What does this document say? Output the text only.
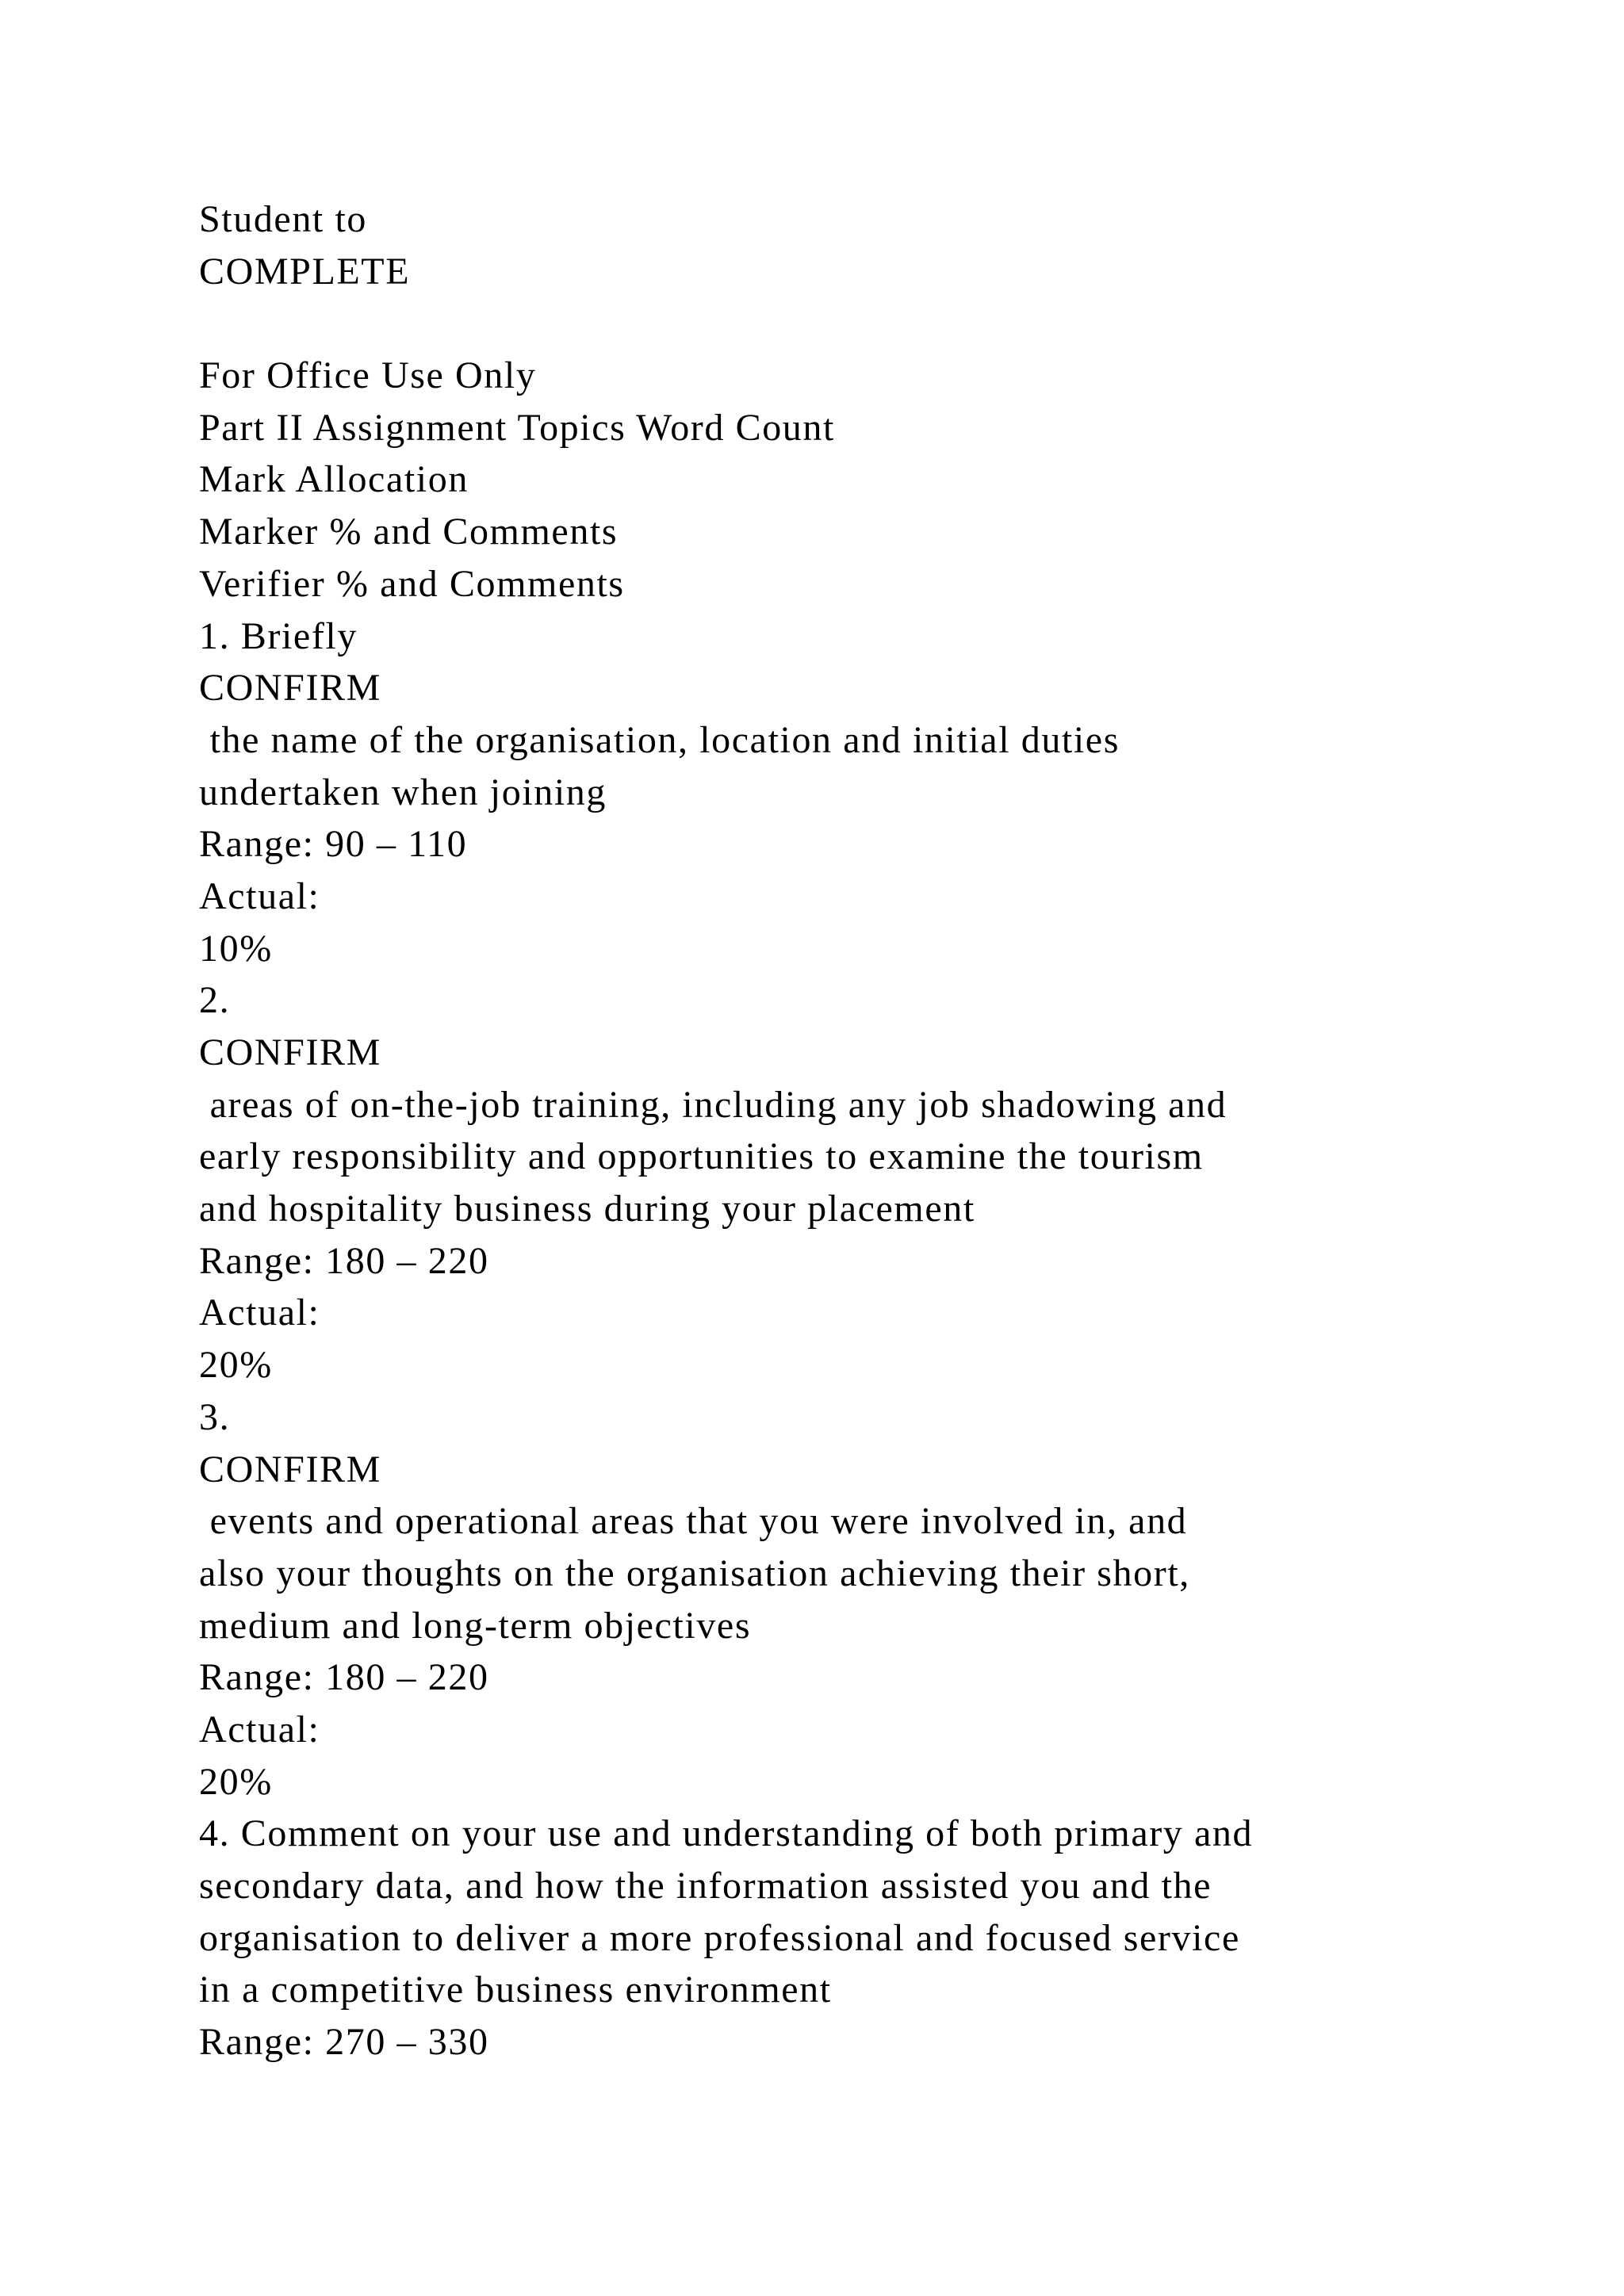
Student to
COMPLETE
For Office Use Only
Part II Assignment Topics Word Count
Mark Allocation
Marker % and Comments
Verifier % and Comments
1. Briefly
CONFIRM
the name of the organisation, location and initial duties
undertaken when joining
Range: 90 – 110
Actual:
10%
2.
CONFIRM
areas of on-the-job training, including any job shadowing and
early responsibility and opportunities to examine the tourism
and hospitality business during your placement
Range: 180 – 220
Actual:
20%
3.
CONFIRM
events and operational areas that you were involved in, and
also your thoughts on the organisation achieving their short,
medium and long-term objectives
Range: 180 – 220
Actual:
20%
4. Comment on your use and understanding of both primary and
secondary data, and how the information assisted you and the
organisation to deliver a more professional and focused service
in a competitive business environment
Range: 270 – 330
